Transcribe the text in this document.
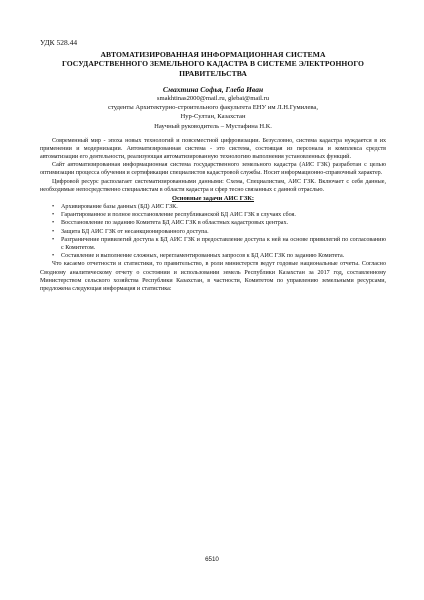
УДК 528.44
АВТОМАТИЗИРОВАННАЯ ИНФОРМАЦИОННАЯ СИСТЕМА
ГОСУДАРСТВЕННОГО ЗЕМЕЛЬНОГО КАДАСТРА В СИСТЕМЕ ЭЛЕКТРОННОГО
ПРАВИТЕЛЬСТВА
Смахтина Софья, Глеба Иван
smakhtinas2000@mail.ru, glebai@mail.ru
студенты Архитектурно-строительного факультета ЕНУ им Л.Н.Гумилева,
Нур-Султан, Казахстан
Научный руководитель – Мустафина Н.К.

Современный мир - эпоха новых технологий и повсеместной цифровизации. Безусловно, система кадастра нуждается в их применении и модернизации. Автоматизированная система - это система, состоящая из персонала и комплекса средств автоматизации его деятельности, реализующая автоматизированную технологию выполнения установленных функций.

Сайт автоматизированная информационная система государственного земельного кадастра (АИС ГЗК) разработан с целью оптимизации процесса обучения и сертификации специалистов кадастровой службы. Носит информационно-справочный характер.

Цифровой ресурс располагает систематизированными данными: Схема, Специалистам, АИС ГЗК. Включает с себя данные, необходимые непосредственно специалистам в области кадастра и сфер тесно связанных с данной отраслью.

Основные задачи АИС ГЗК:
• Архивирование базы данных (БД) АИС ГЗК.
• Гарантированное и полное восстановление республиканской БД АИС ГЗК в случаях сбоя.
• Восстановление по заданию Комитета БД АИС ГЗК в областных кадастровых центрах.
• Защита БД АИС ГЗК от несанкционированного доступа.
• Разграничение привилегий доступа к БД АИС ГЗК и предоставление доступа к ней на основе привилегий по согласованию с Комитетом.
• Составление и выполнение сложных, нерегламентированных запросов к БД АИС ГЗК по заданию Комитета.

Что касаемо отчетности и статистики, то правительство, в роли министерств ведут годовые национальные отчеты. Согласно Сводному аналитическому отчету о состоянии и использовании земель Республики Казахстан за 2017 год, составленному Министерством сельского хозяйства Республики Казахстан, в частности, Комитетом по управлению земельными ресурсами, предложена следующая информация и статистика:

6510
